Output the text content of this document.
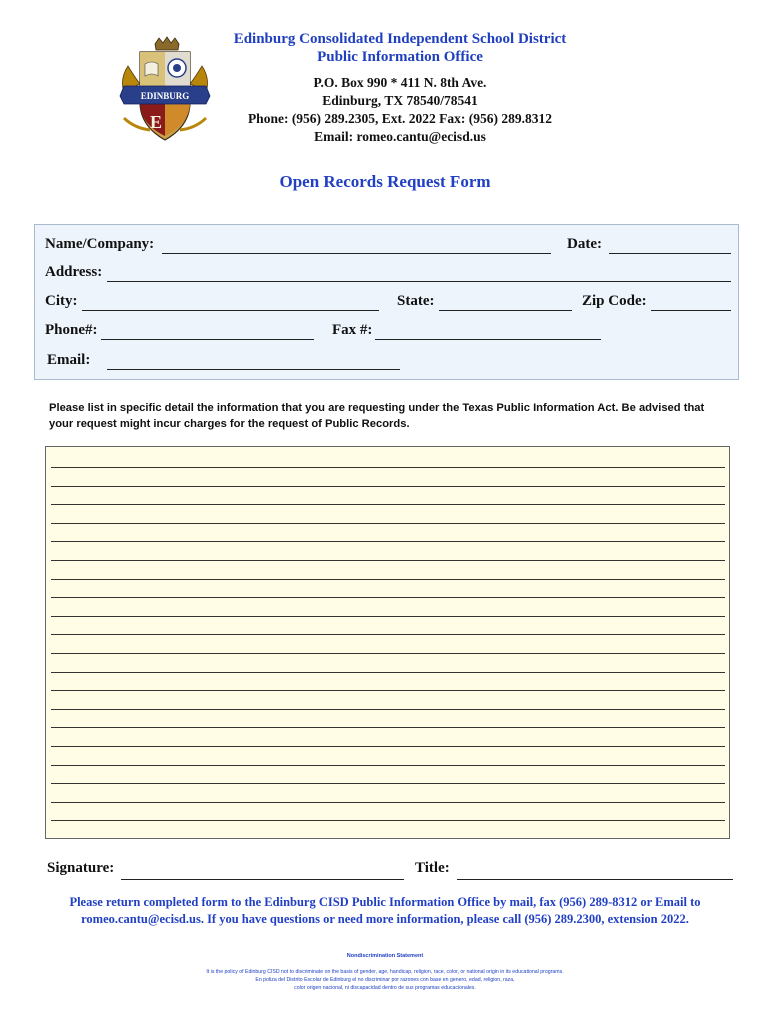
E
EDINBURG
Edinburg Consolidated Independent School District
Public Information Office
P.O. Box 990 * 411 N. 8th Ave.
Edinburg, TX 78540/78541
Phone: (956) 289.2305, Ext. 2022 Fax: (956) 289.8312
Email: romeo.cantu@ecisd.us
Open Records Request Form
Name/Company:	Date:
Address:
City:	State:	Zip Code:
Phone#:	Fax #:
Email:
Please list in specific detail the information that you are requesting under the Texas Public Information Act. Be advised that your request might incur charges for the request of Public Records.
Signature:	Title:
Please return completed form to the Edinburg CISD Public Information Office by mail, fax (956) 289-8312 or Email to romeo.cantu@ecisd.us. If you have questions or need more information, please call (956) 289.2300, extension 2022.
Nondiscrimination Statement
It is the policy of Edinburg CISD not to discriminate on the basis of gender, age, handicap, religion, race, color, or national origin in its educational programs.
En poliza del Distrito Escolar de Edinburg el no discriminar por razones con base en genero, edad, religion, raza,
color origen nacional, ni discapacidad dentro de sus programas educacionales.
